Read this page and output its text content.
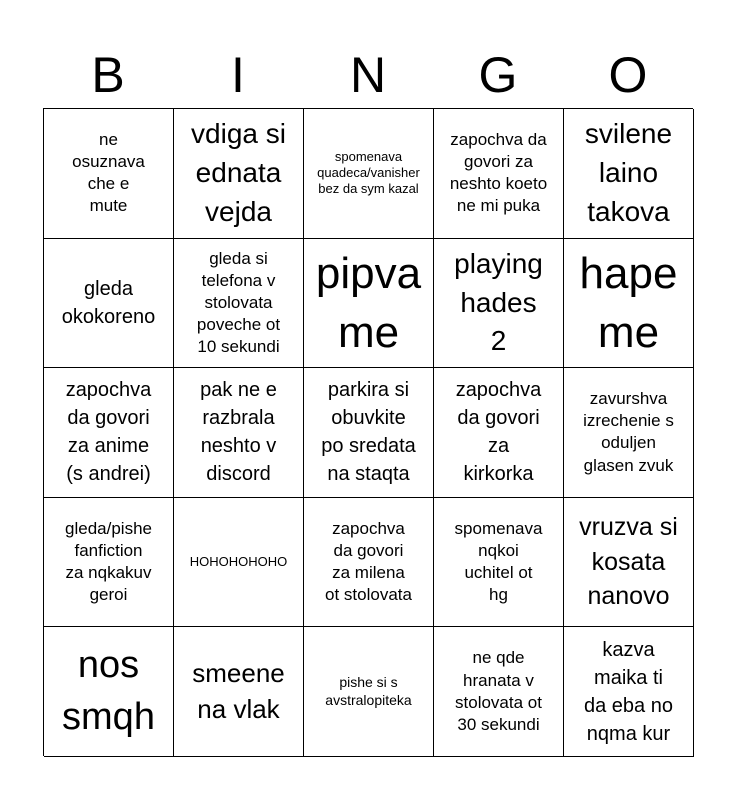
B	I	N	G	O
ne
osuznava
che e
mute
vdiga si
ednata
vejda
spomenava
quadeca/vanisher
bez da sym kazal
zapochva da
govori za
neshto koeto
ne mi puka
svilene
laino
takova
gleda
okokoreno
gleda si
telefona v
stolovata
poveche ot
10 sekundi
pipva
me
playing
hades
2
hape
me
zapochva
da govori
za anime
(s andrei)
pak ne e
razbrala
neshto v
discord
parkira si
obuvkite
po sredata
na staqta
zapochva
da govori
za
kirkorka
zavurshva
izrechenie s
oduljen
glasen zvuk
gleda/pishe
fanfiction
za nqkakuv
geroi
HOHOHOHOHO
zapochva
da govori
za milena
ot stolovata
spomenava
nqkoi
uchitel ot
hg
vruzva si
kosata
nanovo
nos
smqh
smeene
na vlak
pishe si s
avstralopiteka
ne qde
hranata v
stolovata ot
30 sekundi
kazva
maika ti
da eba no
nqma kur
